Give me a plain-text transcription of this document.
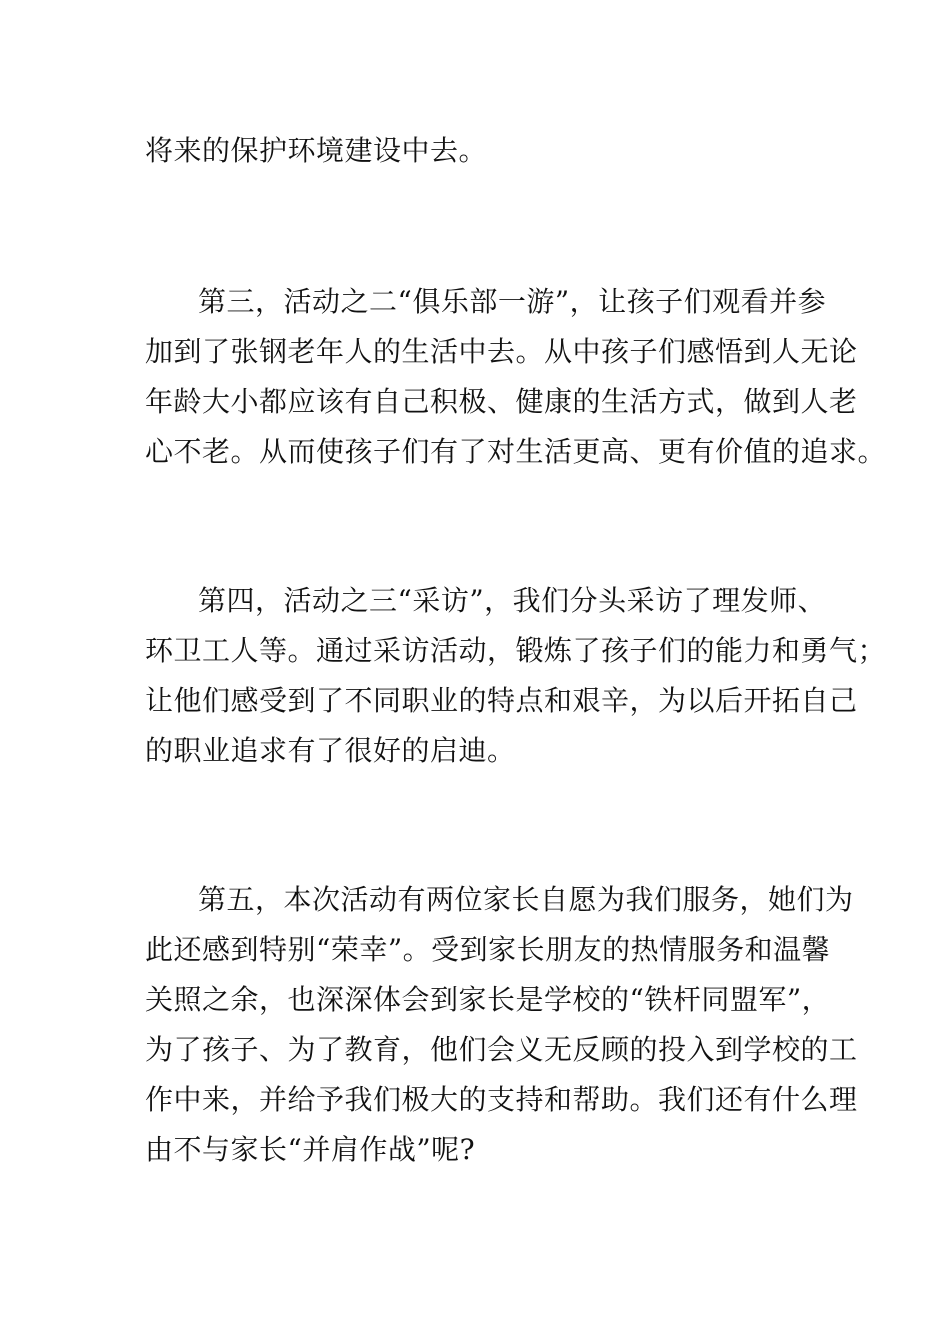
将来的保护环境建设中去。
第三，活动之二“俱乐部一游”，让孩子们观看并参
加到了张钢老年人的生活中去。从中孩子们感悟到人无论
年龄大小都应该有自己积极、健康的生活方式，做到人老
心不老。从而使孩子们有了对生活更高、更有价值的追求。
第四，活动之三“采访”，我们分头采访了理发师、
环卫工人等。通过采访活动，锻炼了孩子们的能力和勇气；
让他们感受到了不同职业的特点和艰辛，为以后开拓自己
的职业追求有了很好的启迪。
第五，本次活动有两位家长自愿为我们服务，她们为
此还感到特别“荣幸”。受到家长朋友的热情服务和温馨
关照之余，也深深体会到家长是学校的“铁杆同盟军”，
为了孩子、为了教育，他们会义无反顾的投入到学校的工
作中来，并给予我们极大的支持和帮助。我们还有什么理
由不与家长“并肩作战”呢?
